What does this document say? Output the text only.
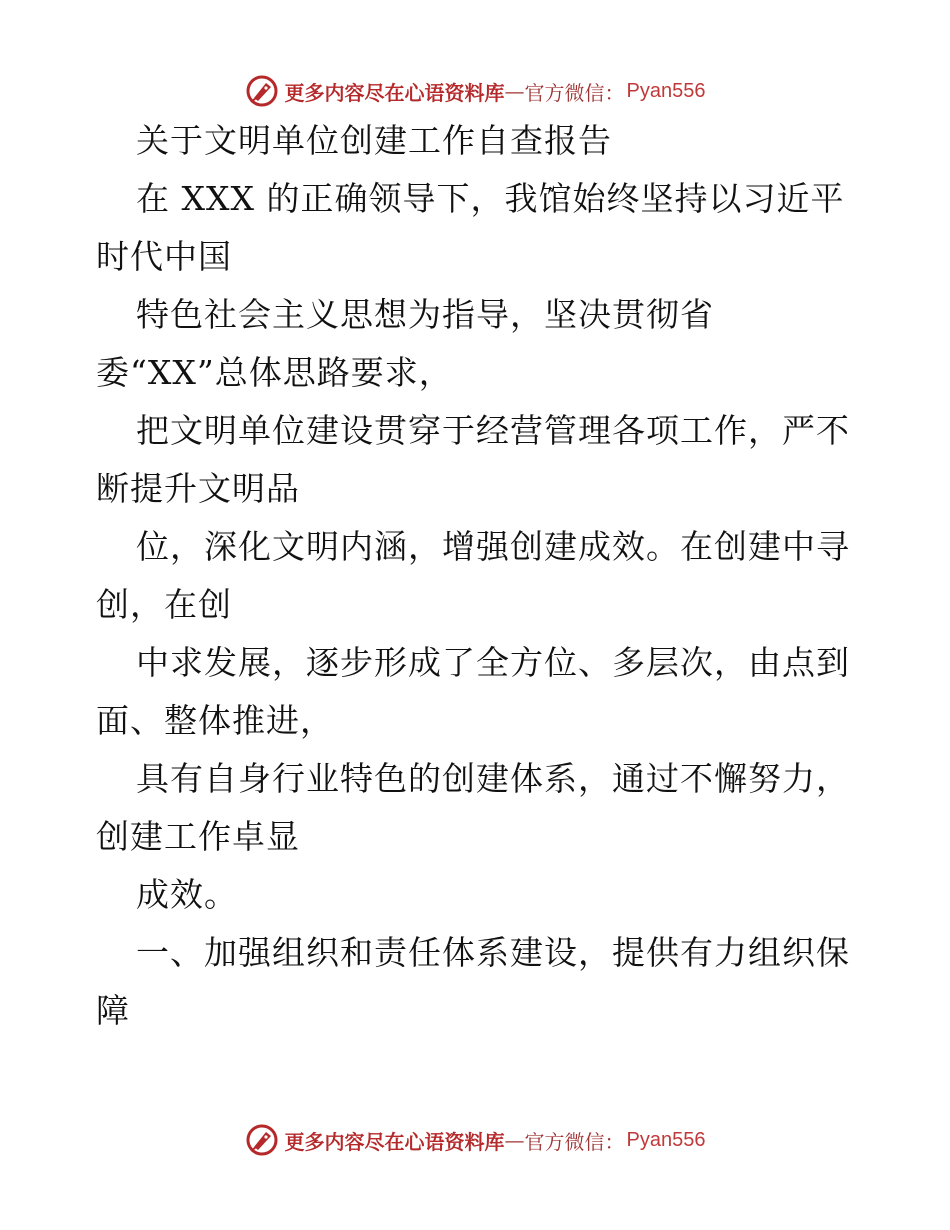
更多内容尽在心语资料库 — 官方微信： Pyan556
关于文明单位创建工作自查报告
在 XXX 的正确领导下，我馆始终坚持以习近平
时代中国
特色社会主义思想为指导，坚决贯彻省
委“XX”总体思路要求，
把文明单位建设贯穿于经营管理各项工作，严不
断提升文明品
位，深化文明内涵，增强创建成效。在创建中寻
创，在创
中求发展，逐步形成了全方位、多层次，由点到
面、整体推进，
具有自身行业特色的创建体系，通过不懈努力，
创建工作卓显
成效。
一、加强组织和责任体系建设，提供有力组织保
障
更多内容尽在心语资料库 — 官方微信： Pyan556
